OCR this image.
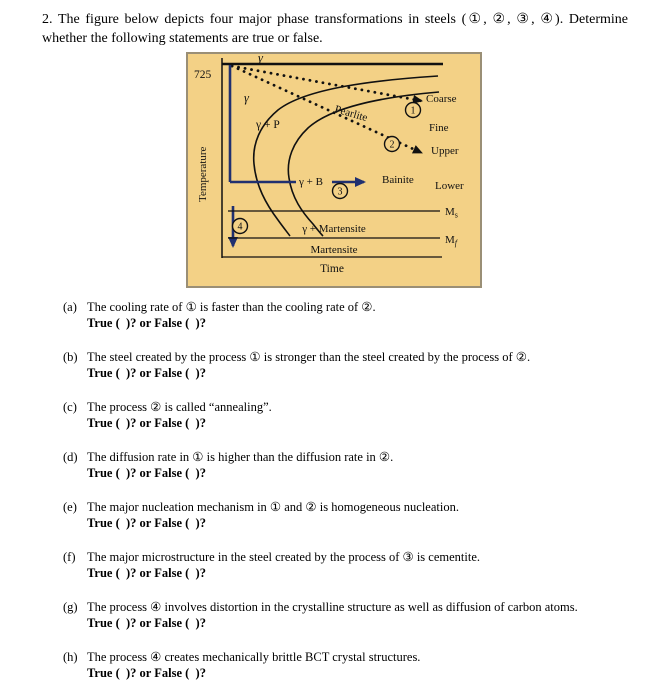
2. The figure below depicts four major phase transformations in steels (①, ②, ③, ④). Determine whether the following statements are true or false.
725
Temperature
γ
γ
γ + P
Pearlite
Coarse
Fine
Upper
Lower
γ + B	Bainite
$M_s$
$M_f$
γ + Martensite
Martensite
Time
1
2
3
4
(a) The cooling rate of ① is faster than the cooling rate of ②.
True (  )? or False (  )?
(b) The steel created by the process ① is stronger than the steel created by the process of ②.
True (  )? or False (  )?
(c) The process ② is called “annealing”.
True (  )? or False (  )?
(d) The diffusion rate in ① is higher than the diffusion rate in ②.
True (  )? or False (  )?
(e) The major nucleation mechanism in ① and ② is homogeneous nucleation.
True (  )? or False (  )?
(f) The major microstructure in the steel created by the process of ③ is cementite.
True (  )? or False (  )?
(g) The process ④ involves distortion in the crystalline structure as well as diffusion of carbon atoms.
True (  )? or False (  )?
(h) The process ④ creates mechanically brittle BCT crystal structures.
True (  )? or False (  )?
